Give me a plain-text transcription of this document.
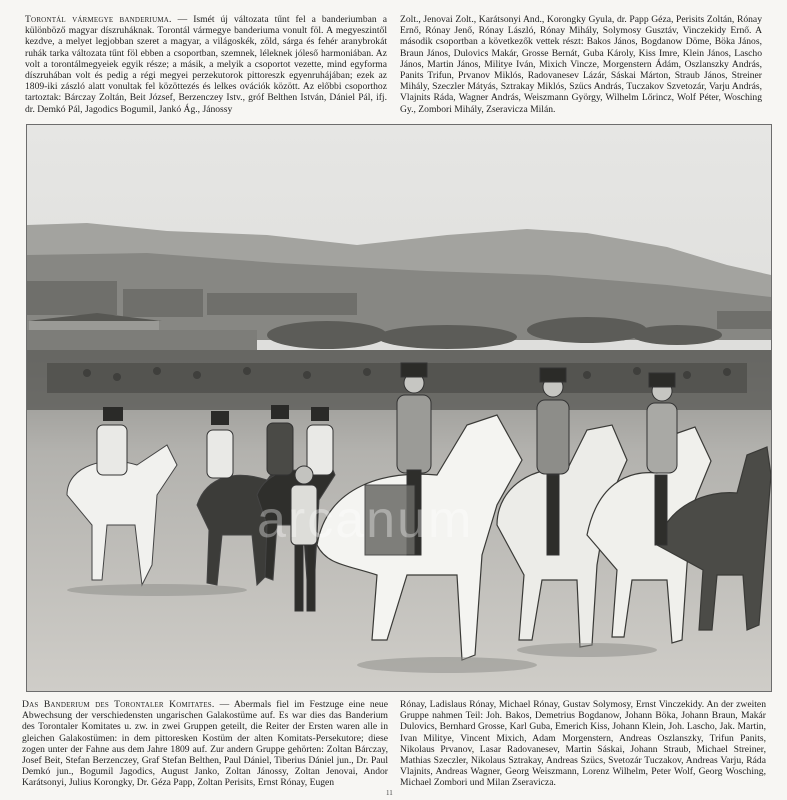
Torontál vármegye banderiuma. — Ismét új változata tűnt fel a banderiumban a különböző magyar díszruháknak. Torontál vármegye banderiuma vonult föl. A megyeszintől kezdve, a melyet legjobban szeret a magyar, a világoskék, zöld, sárga és fehér aranybrokát ruhák tarka változata tűnt föl ebben a csoportban, szemnek, léleknek jóleső harmoniában. Az volt a torontálmegyeiek egyik része; a másik, a melyik a csoportot vezette, mind egyforma díszruhában volt és pedig a régi megyei perzekutorok pittoreszk egyenruhájában; ezek az 1809-iki zászló alatt vonultak fel közöttezés és lelkes ovációk között. Az előbbi csoporthoz tartoztak: Bárczay Zoltán, Beit József, Berzenczey Istv., gróf Belthen István, Dániel Pál, ifj. dr. Demkó Pál, Jagodics Bogumil, Jankó Ág., Jánossy
Zolt., Jenovai Zolt., Karátsonyi And., Korongky Gyula, dr. Papp Géza, Perisits Zoltán, Rónay Ernő, Rónay Jenő, Rónay László, Rónay Mihály, Solymosy Gusztáv, Vinczekidy Ernő. A második csoportban a következők vettek részt: Bakos János, Bogdanow Döme, Böka János, Braun János, Dulovics Makár, Grosse Bernát, Guba Károly, Kiss Imre, Klein János, Lascho János, Martin János, Militye Iván, Mixich Vincze, Morgenstern Ádám, Oszlanszky András, Panits Trifun, Prvanov Miklós, Radovanesev Lázár, Sáskai Márton, Straub János, Streiner Mihály, Szeczler Mátyás, Sztrakay Miklós, Szücs András, Tuczakov Szvetozár, Varju András, Vlajnits Ráda, Wagner András, Weiszmann György, Wilhelm Lőrincz, Wolf Péter, Wosching Gy., Zombori Mihály, Zseravicza Milán.
arcanum
Das Banderium des Torontaler Komitates. — Abermals fiel im Festzuge eine neue Abwechsung der verschiedensten ungarischen Galakostüme auf. Es war dies das Banderium des Torontaler Komitates u. zw. in zwei Gruppen geteilt, die Reiter der Ersten waren alle in gleichen Galakostümen: in dem pittoresken Kostüm der alten Komitats-Persekutore; diese zogen unter der Fahne aus dem Jahre 1809 auf. Zur andern Gruppe gehörten: Zoltan Bárczay, Josef Beit, Stefan Berzenczey, Graf Stefan Belthen, Paul Dániel, Tiberius Dániel jun., Dr. Paul Demkó jun., Bogumil Jagodics, August Janko, Zoltan Jánossy, Zoltan Jenovai, Andor Karátsonyi, Julius Korongky, Dr. Géza Papp, Zoltan Perisits, Ernst Rónay, Eugen
Rónay, Ladislaus Rónay, Michael Rónay, Gustav Solymosy, Ernst Vinczekidy. An der zweiten Gruppe nahmen Teil: Joh. Bakos, Demetrius Bogdanow, Johann Böka, Johann Braun, Makár Dulovics, Bernhard Grosse, Karl Guba, Emerich Kiss, Johann Klein, Joh. Lascho, Jak. Martin, Ivan Militye, Vincent Mixich, Adam Morgenstern, Andreas Oszlanszky, Trifun Panits, Nikolaus Prvanov, Lasar Radovanesev, Martin Sáskai, Johann Straub, Michael Streiner, Mathias Szeczler, Nikolaus Sztrakay, Andreas Szücs, Svetozár Tuczakov, Andreas Varju, Ráda Vlajnits, Andreas Wagner, Georg Weiszmann, Lorenz Wilhelm, Peter Wolf, Georg Wosching, Michael Zombori und Milan Zseravicza.
11
